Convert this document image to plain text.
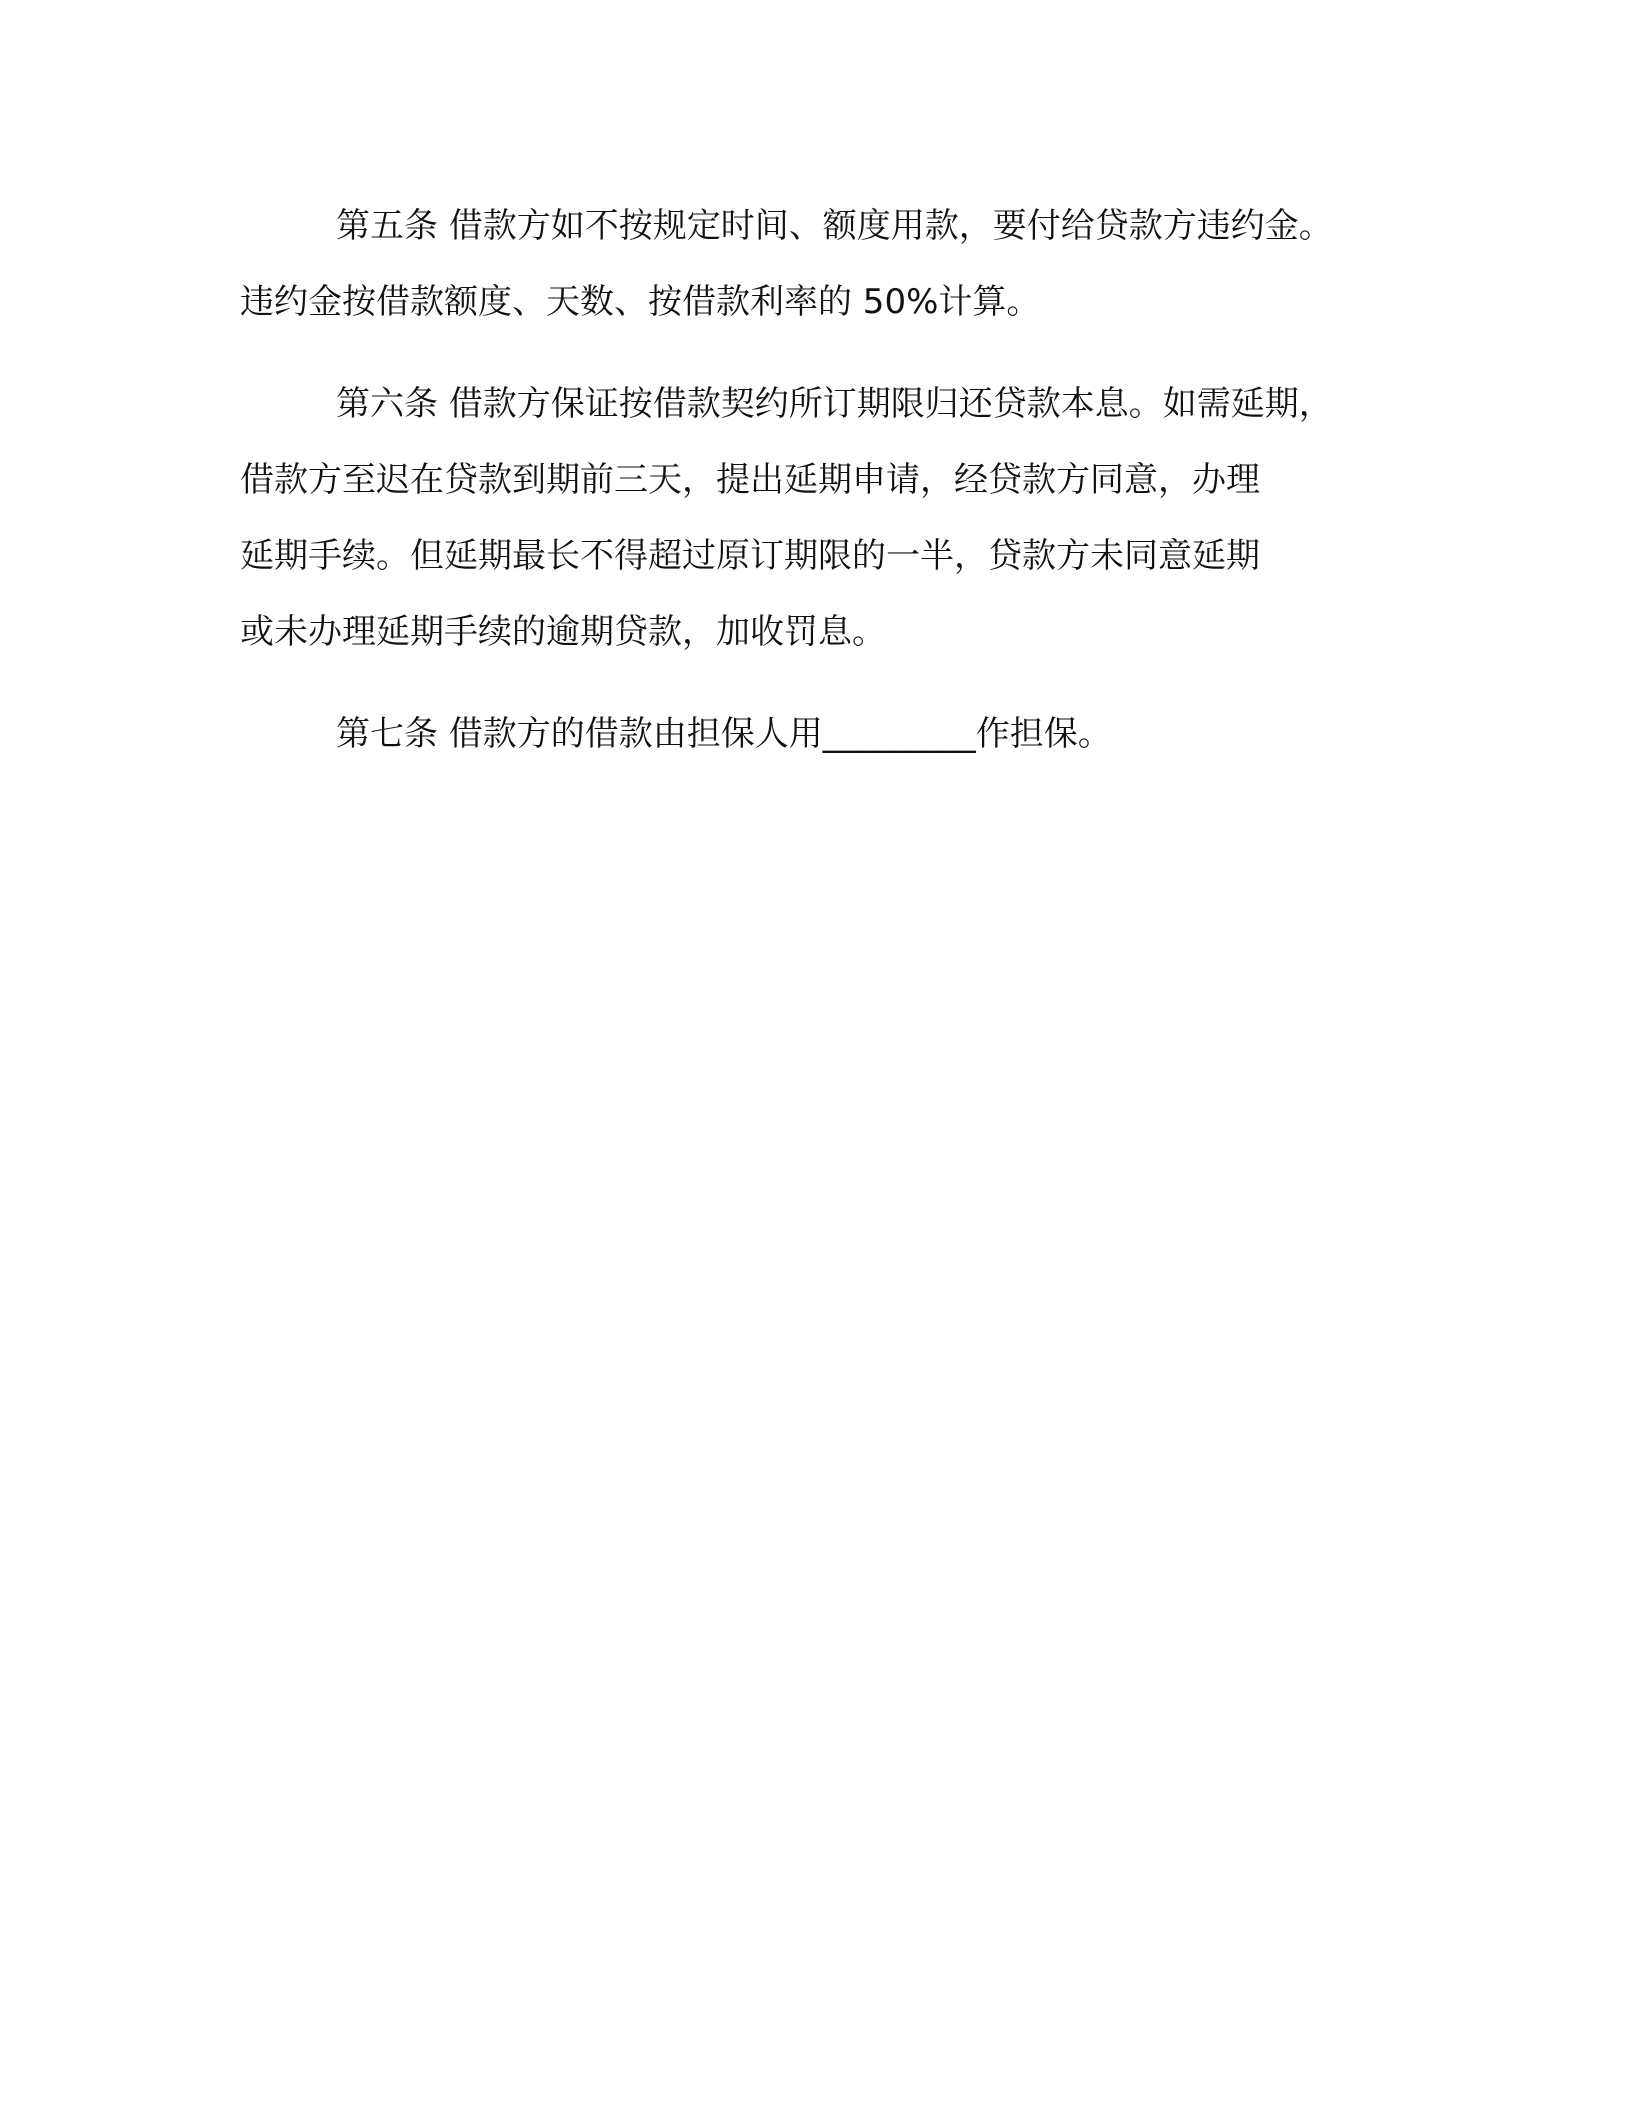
第五条 借款方如不按规定时间、额度用款，要付给贷款方违约金。
违约金按借款额度、天数、按借款利率的 50%计算。

第六条 借款方保证按借款契约所订期限归还贷款本息。如需延期，
借款方至迟在贷款到期前三天，提出延期申请，经贷款方同意，办理
延期手续。但延期最长不得超过原订期限的一半，贷款方未同意延期
或未办理延期手续的逾期贷款，加收罚息。

第七条 借款方的借款由担保人用_________作担保。
